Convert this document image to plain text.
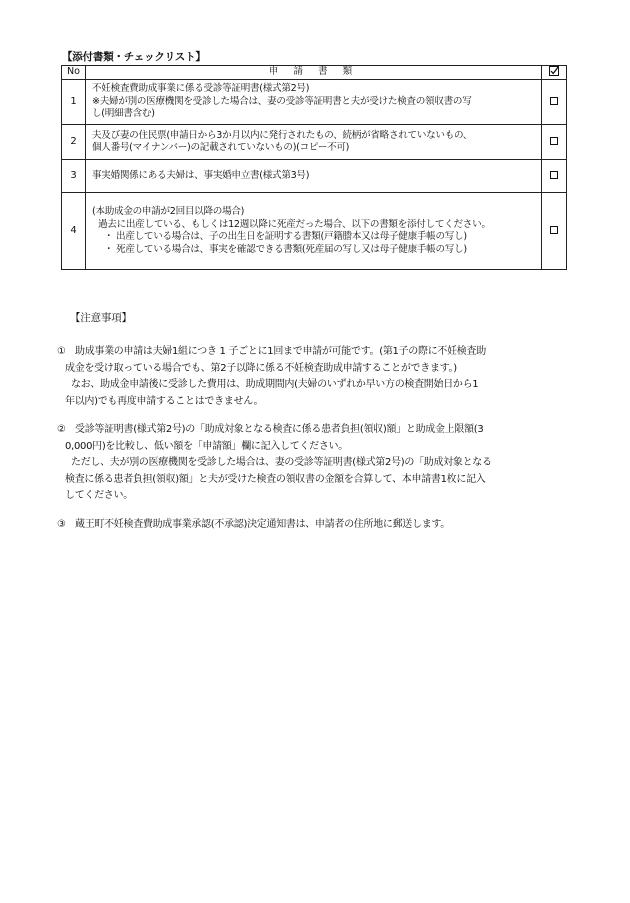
【添付書類・チェックリスト】
No	申 請 書 類	
1	不妊検査費助成事業に係る受診等証明書(様式第2号)
※夫婦が別の医療機関を受診した場合は、妻の受診等証明書と夫が受けた検査の領収書の写
し(明細書含む)	

2	夫及び妻の住民票(申請日から3か月以内に発行されたもの、続柄が省略されていないもの、
個人番号(マイナンバー)の記載されていないもの)(コピー不可)	

3	事実婚関係にある夫婦は、事実婚申立書(様式第3号)	

4	(本助成金の申請が2回目以降の場合)
過去に出産している、もしくは12週以降に死産だった場合、以下の書類を添付してください。
・ 出産している場合は、子の出生日を証明する書類(戸籍謄本又は母子健康手帳の写し)
・ 死産している場合は、事実を確認できる書類(死産届の写し又は母子健康手帳の写し)	

【注意事項】
① 助成事業の申請は夫婦1組につき 1 子ごとに1回まで申請が可能です。(第1子の際に不妊検査助
成金を受け取っている場合でも、第2子以降に係る不妊検査助成申請することができます。)
なお、助成金申請後に受診した費用は、助成期間内(夫婦のいずれか早い方の検査開始日から1
年以内)でも再度申請することはできません。
② 受診等証明書(様式第2号)の「助成対象となる検査に係る患者負担(領収)額」と助成金上限額(3
0,000円)を比較し、低い額を「申請額」欄に記入してください。
ただし、夫が別の医療機関を受診した場合は、妻の受診等証明書(様式第2号)の「助成対象となる
検査に係る患者負担(領収)額」と夫が受けた検査の領収書の金額を合算して、本申請書1枚に記入
してください。
③ 蔵王町不妊検査費助成事業承認(不承認)決定通知書は、申請者の住所地に郵送します。
